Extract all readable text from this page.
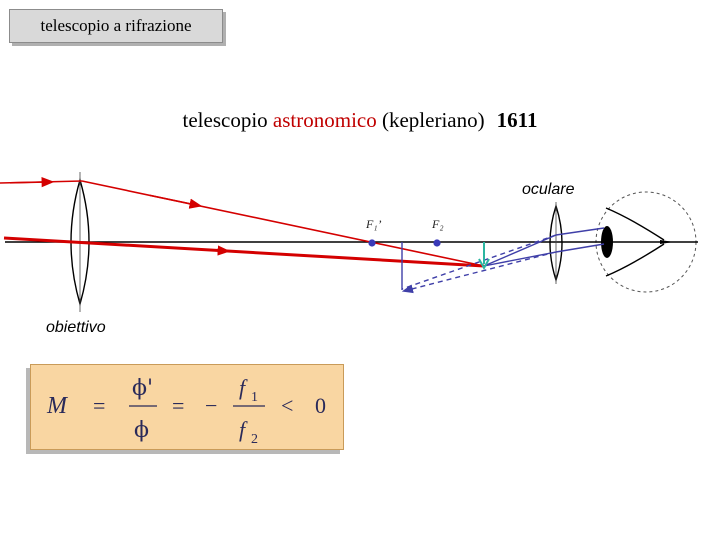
telescopio a rifrazione
telescopio astronomico (kepleriano) 1611
F₁’	F₂
oculare
obiettivo
M =
ϕ'
ϕ
= −
f 1
f 2
< 0
